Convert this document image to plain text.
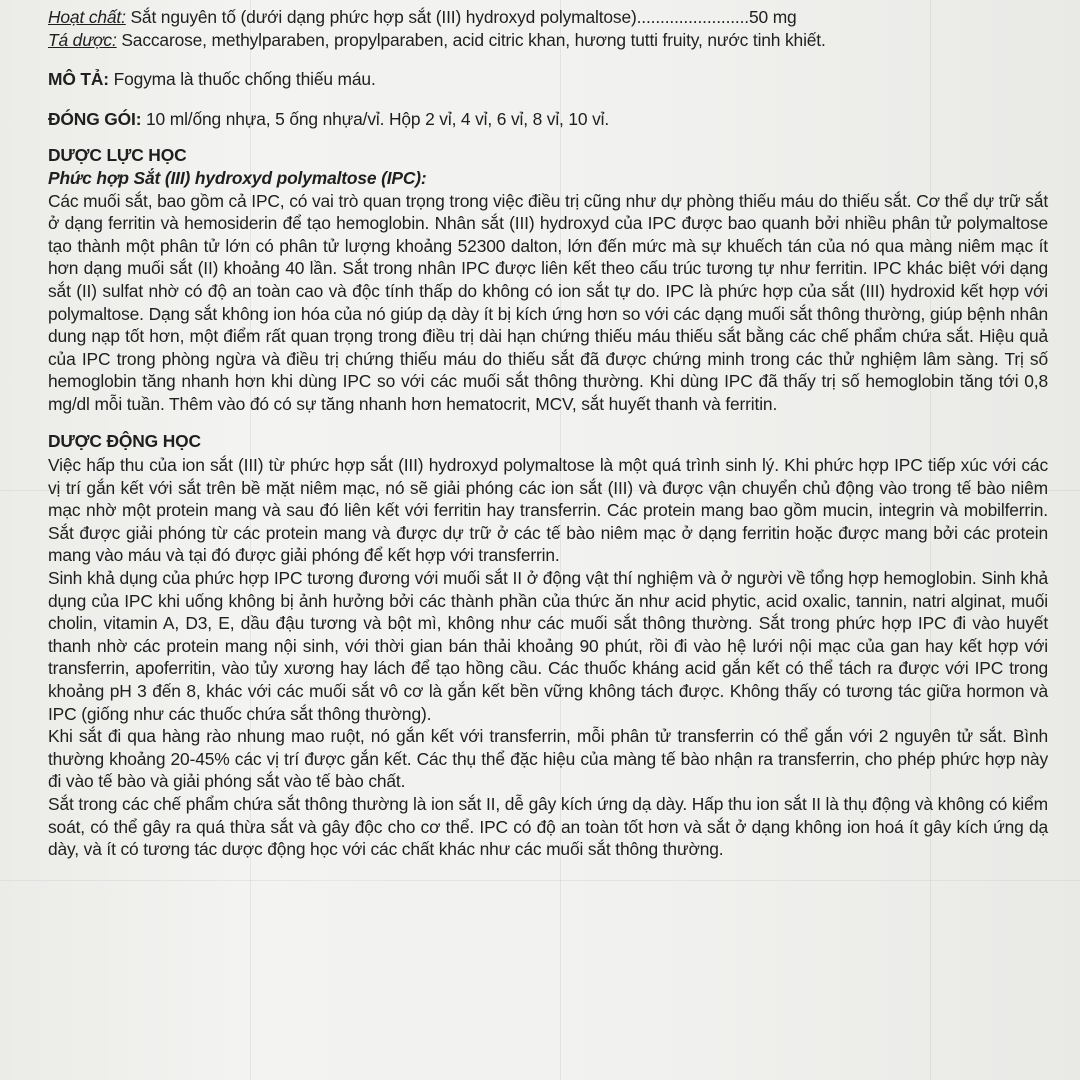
Hoạt chất: Sắt nguyên tố (dưới dạng phức hợp sắt (III) hydroxyd polymaltose)........................50 mg
Tá dược: Saccarose, methylparaben, propylparaben, acid citric khan, hương tutti fruity, nước tinh khiết.
MÔ TẢ: Fogyma là thuốc chống thiếu máu.
ĐÓNG GÓI: 10 ml/ống nhựa, 5 ống nhựa/vỉ. Hộp 2 vỉ, 4 vỉ, 6 vỉ, 8 vỉ, 10 vỉ.
DƯỢC LỰC HỌC
Phức hợp Sắt (III) hydroxyd polymaltose (IPC):

Các muối sắt, bao gồm cả IPC, có vai trò quan trọng trong việc điều trị cũng như dự phòng thiếu máu do thiếu sắt. Cơ thể dự trữ sắt ở dạng ferritin và hemosiderin để tạo hemoglobin. Nhân sắt (III) hydroxyd của IPC được bao quanh bởi nhiều phân tử polymaltose tạo thành một phân tử lớn có phân tử lượng khoảng 52300 dalton, lớn đến mức mà sự khuếch tán của nó qua màng niêm mạc ít hơn dạng muối sắt (II) khoảng 40 lần. Sắt trong nhân IPC được liên kết theo cấu trúc tương tự như ferritin. IPC khác biệt với dạng sắt (II) sulfat nhờ có độ an toàn cao và độc tính thấp do không có ion sắt tự do. IPC là phức hợp của sắt (III) hydroxid kết hợp với polymaltose. Dạng sắt không ion hóa của nó giúp dạ dày ít bị kích ứng hơn so với các dạng muối sắt thông thường, giúp bệnh nhân dung nạp tốt hơn, một điểm rất quan trọng trong điều trị dài hạn chứng thiếu máu thiếu sắt bằng các chế phẩm chứa sắt. Hiệu quả của IPC trong phòng ngừa và điều trị chứng thiếu máu do thiếu sắt đã được chứng minh trong các thử nghiệm lâm sàng. Trị số hemoglobin tăng nhanh hơn khi dùng IPC so với các muối sắt thông thường. Khi dùng IPC đã thấy trị số hemoglobin tăng tới 0,8 mg/dl mỗi tuần. Thêm vào đó có sự tăng nhanh hơn hematocrit, MCV, sắt huyết thanh và ferritin.

DƯỢC ĐỘNG HỌC

Việc hấp thu của ion sắt (III) từ phức hợp sắt (III) hydroxyd polymaltose là một quá trình sinh lý. Khi phức hợp IPC tiếp xúc với các vị trí gắn kết với sắt trên bề mặt niêm mạc, nó sẽ giải phóng các ion sắt (III) và được vận chuyển chủ động vào trong tế bào niêm mạc nhờ một protein mang và sau đó liên kết với ferritin hay transferrin. Các protein mang bao gồm mucin, integrin và mobilferrin. Sắt được giải phóng từ các protein mang và được dự trữ ở các tế bào niêm mạc ở dạng ferritin hoặc được mang bởi các protein mang vào máu và tại đó được giải phóng để kết hợp với transferrin.

Sinh khả dụng của phức hợp IPC tương đương với muối sắt II ở động vật thí nghiệm và ở người về tổng hợp hemoglobin. Sinh khả dụng của IPC khi uống không bị ảnh hưởng bởi các thành phần của thức ăn như acid phytic, acid oxalic, tannin, natri alginat, muối cholin, vitamin A, D3, E, dầu đậu tương và bột mì, không như các muối sắt thông thường. Sắt trong phức hợp IPC đi vào huyết thanh nhờ các protein mang nội sinh, với thời gian bán thải khoảng 90 phút, rồi đi vào hệ lưới nội mạc của gan hay kết hợp với transferrin, apoferritin, vào tủy xương hay lách để tạo hồng cầu. Các thuốc kháng acid gắn kết có thể tách ra được với IPC trong khoảng pH 3 đến 8, khác với các muối sắt vô cơ là gắn kết bền vững không tách được. Không thấy có tương tác giữa hormon và IPC (giống như các thuốc chứa sắt thông thường).

Khi sắt đi qua hàng rào nhung mao ruột, nó gắn kết với transferrin, mỗi phân tử transferrin có thể gắn với 2 nguyên tử sắt. Bình thường khoảng 20-45% các vị trí được gắn kết. Các thụ thể đặc hiệu của màng tế bào nhận ra transferrin, cho phép phức hợp này đi vào tế bào và giải phóng sắt vào tế bào chất.

Sắt trong các chế phẩm chứa sắt thông thường là ion sắt II, dễ gây kích ứng dạ dày. Hấp thu ion sắt II là thụ động và không có kiểm soát, có thể gây ra quá thừa sắt và gây độc cho cơ thể. IPC có độ an toàn tốt hơn và sắt ở dạng không ion hoá ít gây kích ứng dạ dày, và ít có tương tác dược động học với các chất khác như các muối sắt thông thường.
